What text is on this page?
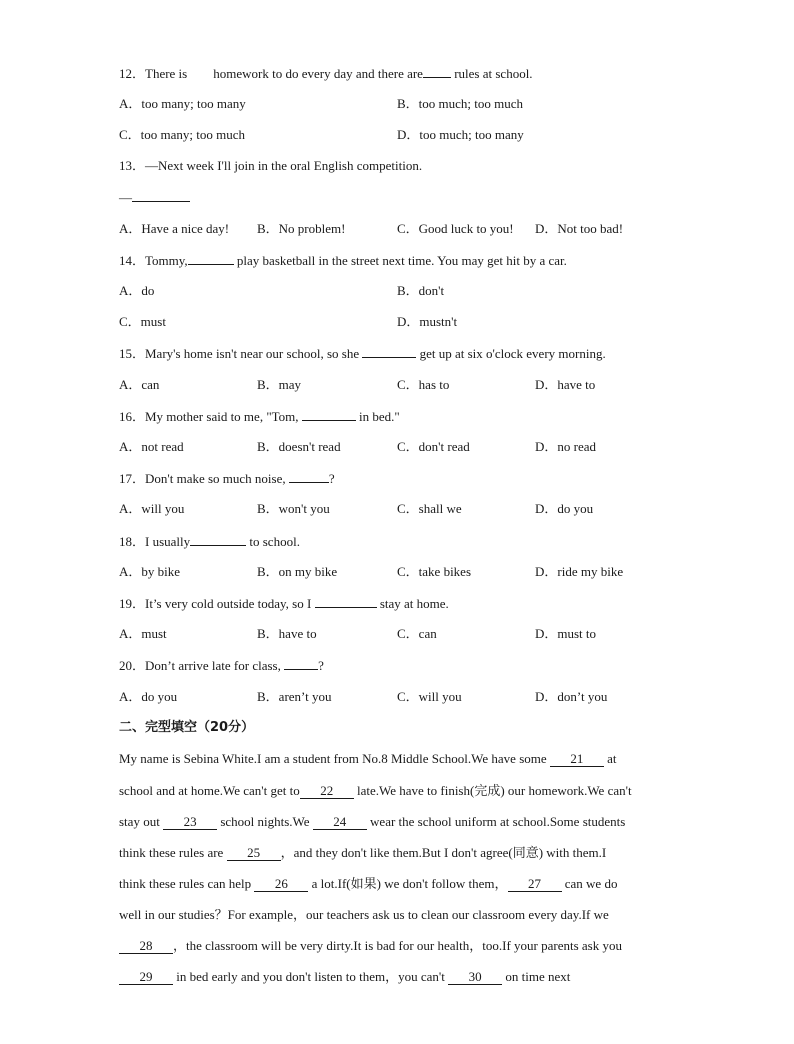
12．There is homework to do every day and there are rules at school.
A．too many; too many	B．too much; too much
C．too many; too much	D．too much; too many
13．—Next week I'll join in the oral English competition.
—
A．Have a nice day! B．No problem!	C．Good luck to you! D．Not too bad!
14．Tommy,	play basketball in the street next time. You may get hit by a car.
A．do	B．don't
C．must	D．mustn't
15．Mary's home isn't near our school, so she	get up at six o'clock every morning.
A．can	B．may	C．has to	D．have to
16．My mother said to me, "Tom,	in bed."
A．not read	B．doesn't read	C．don't read	D．no read
17．Don't make so much noise,	?
A．will you	B．won't you	C．shall we	D．do you
18．I usually	to school.
A．by bike	B．on my bike	C．take bikes	D．ride my bike
19．It’s very cold outside today, so I	stay at home.
A．must	B．have to	C．can	D．must to
20．Don’t arrive late for class,	?
A．do you	B．aren’t you	C．will you	D．don’t you
二、完型填空（20分）
My name is Sebina White.I am a student from No.8 Middle School.We have some 21 at
school and at home.We can't get to 22 late.We have to finish(完成) our homework.We can't
stay out 23 school nights.We 24 wear the school uniform at school.Some students
think these rules are 25 ，and they don't like them.But I don't agree(同意) with them.I
think these rules can help 26 a lot.If(如果) we don't follow them， 27 can we do
well in our studies？For example，our teachers ask us to clean our classroom every day.If we
28 ，the classroom will be very dirty.It is bad for our health，too.If your parents ask you
29 in bed early and you don't listen to them，you can't 30 on time next
